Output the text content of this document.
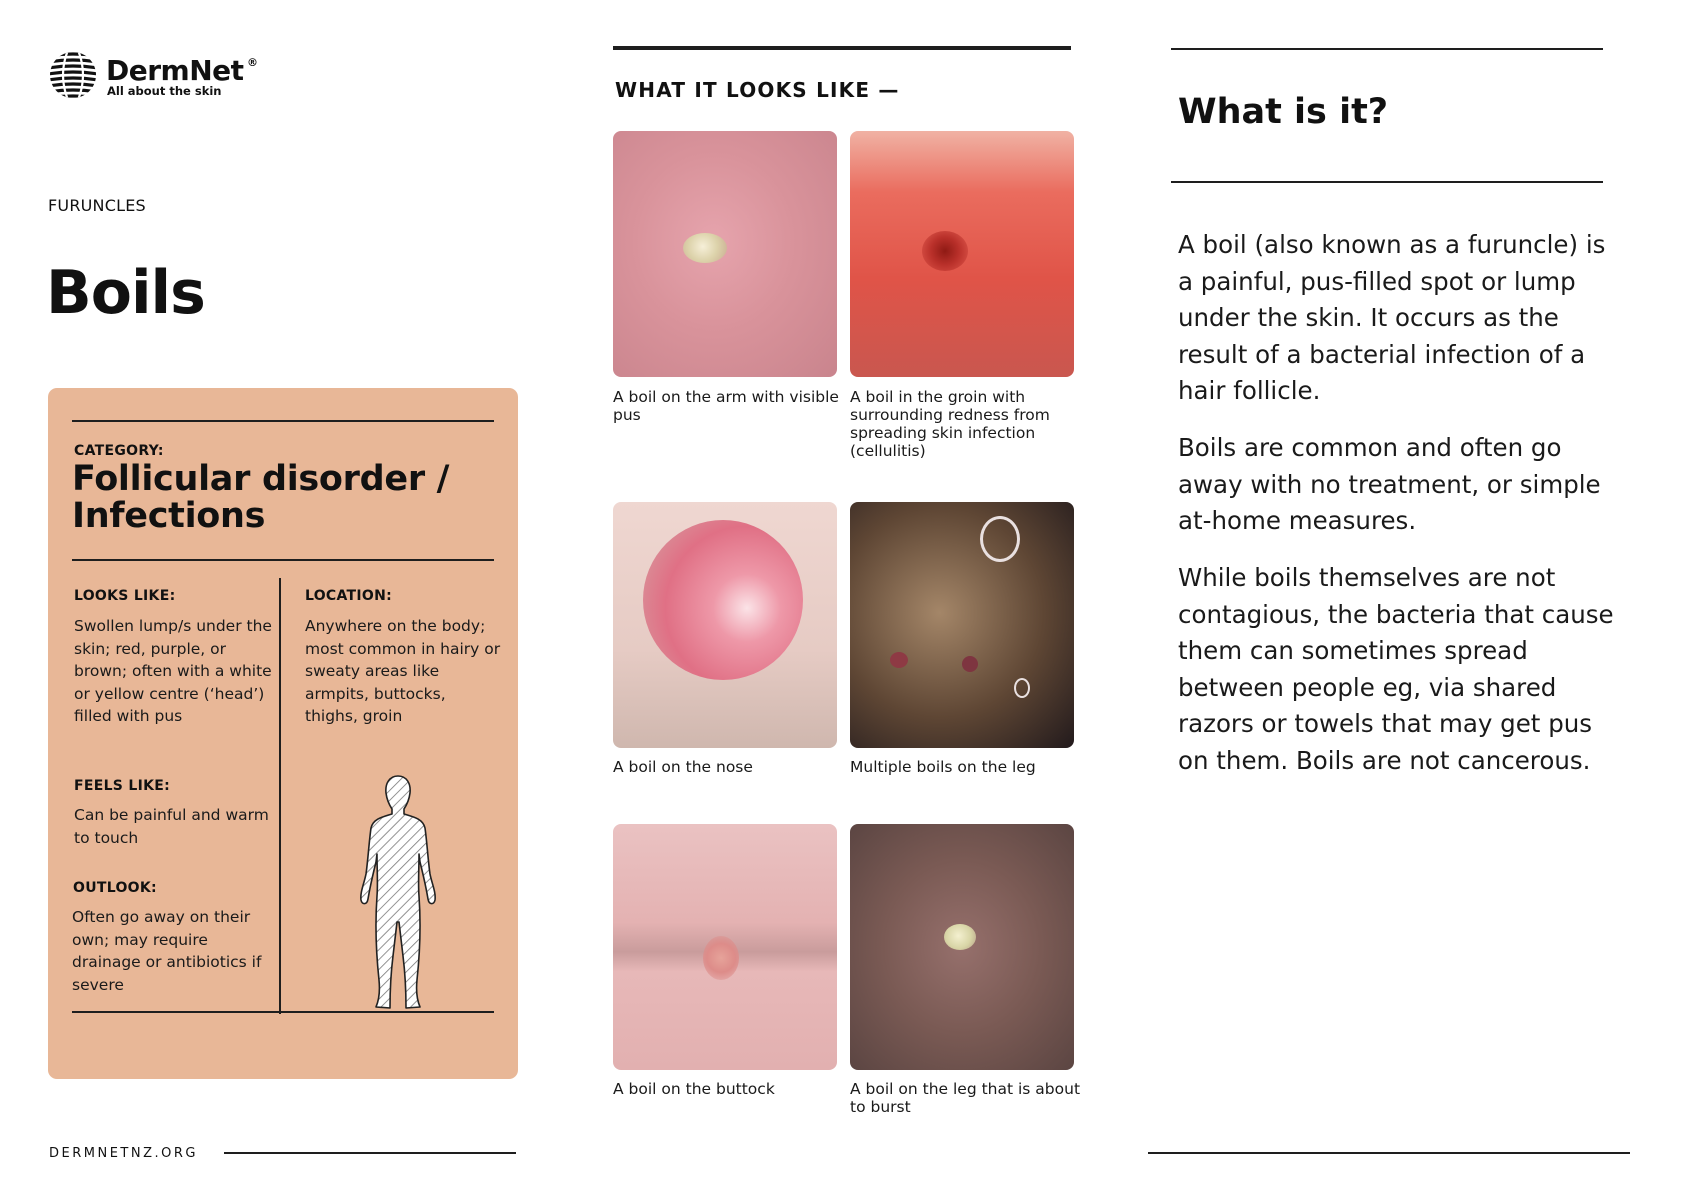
DermNet ®
All about the skin
FURUNCLES
Boils
CATEGORY:
Follicular disorder / Infections
LOOKS LIKE:
Swollen lump/s under the skin; red, purple, or brown; often with a white or yellow centre (‘head’) filled with pus
FEELS LIKE:
Can be painful and warm to touch
OUTLOOK:
Often go away on their own; may require drainage or antibiotics if severe
LOCATION:
Anywhere on the body; most common in hairy or sweaty areas like armpits, buttocks, thighs, groin
DERMNETNZ.ORG
WHAT IT LOOKS LIKE —
A boil on the arm with visible pus
A boil in the groin with surrounding redness from spreading skin infection (cellulitis)
A boil on the nose	Multiple boils on the leg
A boil on the buttock	A boil on the leg that is about to burst
What is it?

A boil (also known as a furuncle) is a painful, pus-filled spot or lump under the skin. It occurs as the result of a bacterial infection of a hair follicle.

Boils are common and often go away with no treatment, or simple at-home measures.

While boils themselves are not contagious, the bacteria that cause them can sometimes spread between people eg, via shared razors or towels that may get pus on them. Boils are not cancerous.
